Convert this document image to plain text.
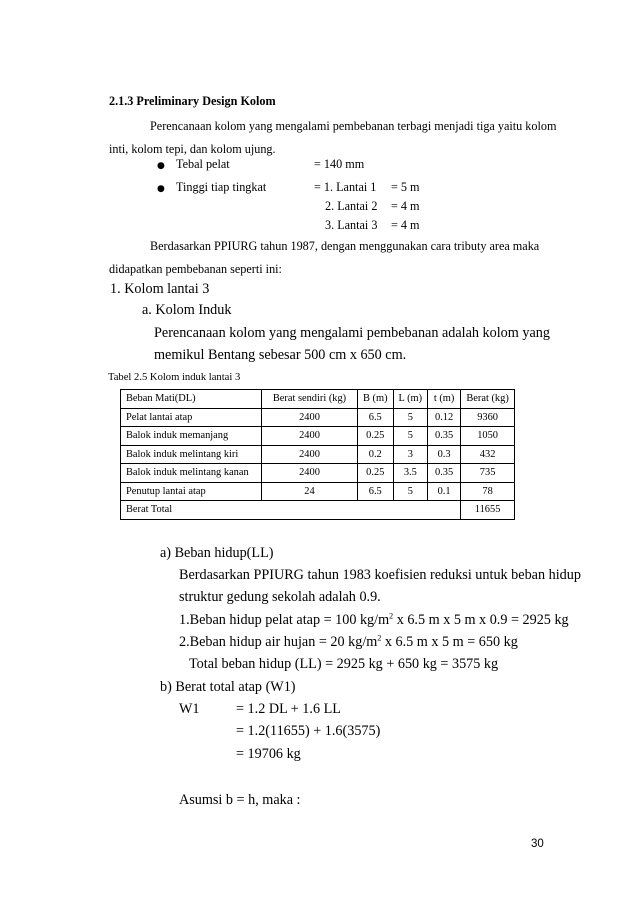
2.1.3 Preliminary Design Kolom
Perencanaan kolom yang mengalami pembebanan terbagi menjadi tiga yaitu kolom
inti, kolom tepi, dan kolom ujung.
● Tebal pelat	= 140 mm
● Tinggi tiap tingkat	= 1. Lantai 1 = 5 m
2. Lantai 2 = 4 m
3. Lantai 3 = 4 m
Berdasarkan PPIURG tahun 1987, dengan menggunakan cara tributy area maka
didapatkan pembebanan seperti ini:
1. Kolom lantai 3
a. Kolom Induk
Perencanaan kolom yang mengalami pembebanan adalah kolom yang
memikul Bentang sebesar 500 cm x 650 cm.
Tabel 2.5 Kolom induk lantai 3
Beban Mati(DL)	Berat sendiri (kg)	B (m)	L (m)	t (m)	Berat (kg)
Pelat lantai atap	2400	6.5	5	0.12	9360
Balok induk memanjang	2400	0.25	5	0.35	1050
Balok induk melintang kiri	2400	0.2	3	0.3	432
Balok induk melintang kanan	2400	0.25	3.5	0.35	735
Penutup lantai atap	24	6.5	5	0.1	78
Berat Total					11655
a) Beban hidup(LL)
Berdasarkan PPIURG tahun 1983 koefisien reduksi untuk beban hidup
struktur gedung sekolah adalah 0.9.
1.Beban hidup pelat atap = 100 $kg/m^2$ x 6.5 m x 5 m x 0.9 = 2925 kg
2.Beban hidup air hujan = 20 $kg/m^2$ x 6.5 m x 5 m = 650 kg
Total beban hidup (LL) = 2925 kg + 650 kg = 3575 kg
b) Berat total atap (W1)
W1	= 1.2 DL + 1.6 LL
= 1.2(11655) + 1.6(3575)
= 19706 kg
Asumsi b = h, maka :
30
